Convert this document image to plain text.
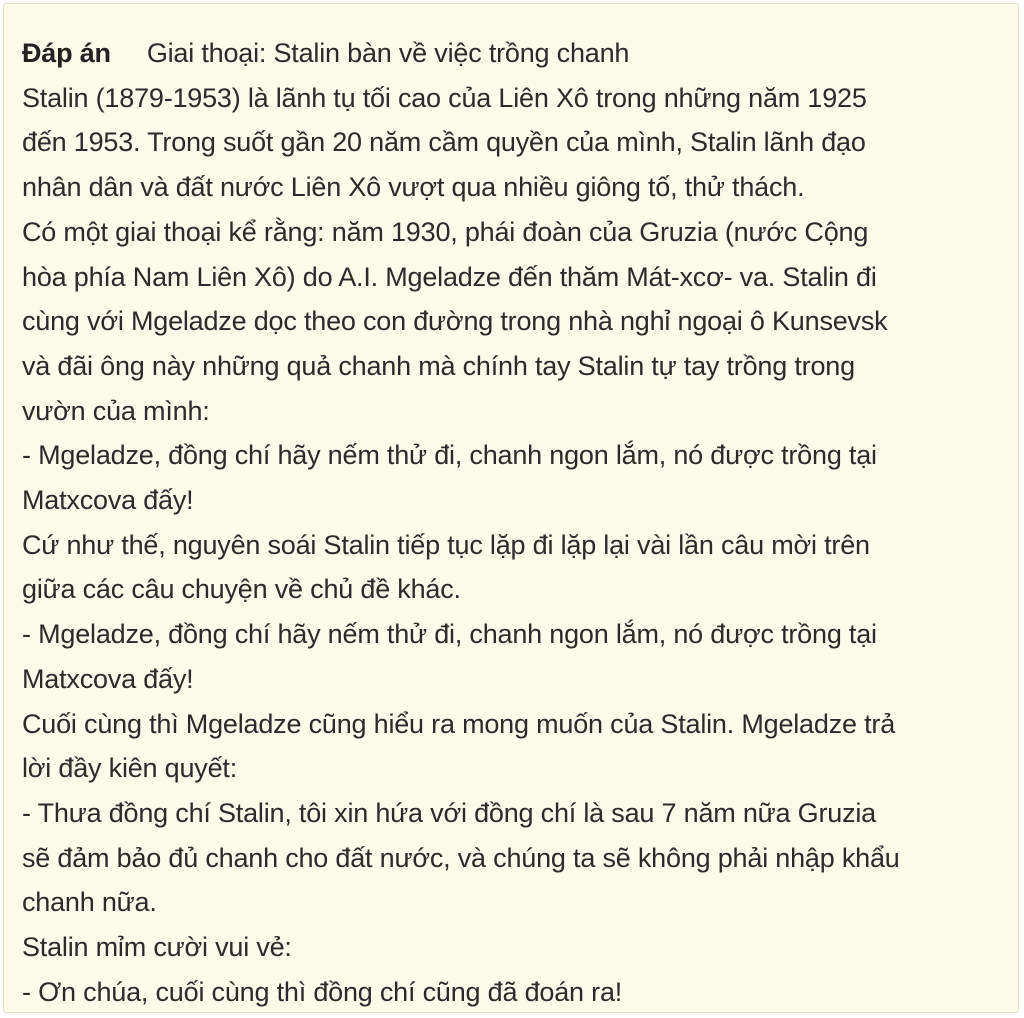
Đáp án Giai thoại: Stalin bàn về việc trồng chanh

Stalin (1879-1953) là lãnh tụ tối cao của Liên Xô trong những năm 1925

đến 1953. Trong suốt gần 20 năm cầm quyền của mình, Stalin lãnh đạo

nhân dân và đất nước Liên Xô vượt qua nhiều giông tố, thử thách.

Có một giai thoại kể rằng: năm 1930, phái đoàn của Gruzia (nước Cộng

hòa phía Nam Liên Xô) do A.I. Mgeladze đến thăm Mát-xcơ- va. Stalin đi

cùng với Mgeladze dọc theo con đường trong nhà nghỉ ngoại ô Kunsevsk

và đãi ông này những quả chanh mà chính tay Stalin tự tay trồng trong

vườn của mình:

- Mgeladze, đồng chí hãy nếm thử đi, chanh ngon lắm, nó được trồng tại

Matxcova đấy!

Cứ như thế, nguyên soái Stalin tiếp tục lặp đi lặp lại vài lần câu mời trên

giữa các câu chuyện về chủ đề khác.

- Mgeladze, đồng chí hãy nếm thử đi, chanh ngon lắm, nó được trồng tại

Matxcova đấy!

Cuối cùng thì Mgeladze cũng hiểu ra mong muốn của Stalin. Mgeladze trả

lời đầy kiên quyết:

- Thưa đồng chí Stalin, tôi xin hứa với đồng chí là sau 7 năm nữa Gruzia

sẽ đảm bảo đủ chanh cho đất nước, và chúng ta sẽ không phải nhập khẩu

chanh nữa.

Stalin mỉm cười vui vẻ:

- Ơn chúa, cuối cùng thì đồng chí cũng đã đoán ra!
